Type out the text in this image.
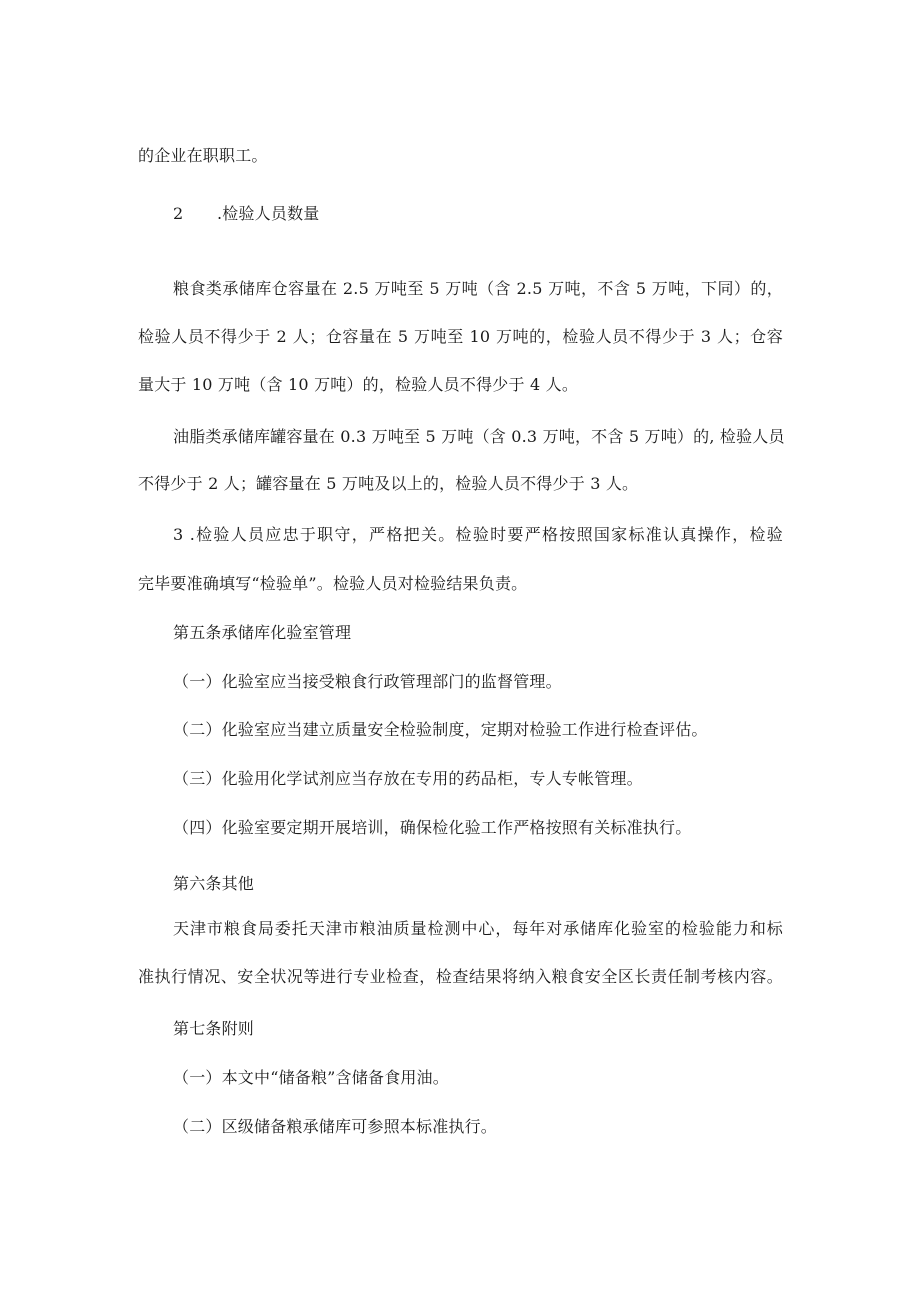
的企业在职职工。
2 .检验人员数量
粮食类承储库仓容量在 2.5 万吨至 5 万吨（含 2.5 万吨，不含 5 万吨，下同）的，
检验人员不得少于 2 人；仓容量在 5 万吨至 10 万吨的，检验人员不得少于 3 人；仓容
量大于 10 万吨（含 10 万吨）的，检验人员不得少于 4 人。
油脂类承储库罐容量在 0.3 万吨至 5 万吨（含 0.3 万吨，不含 5 万吨）的, 检验人员
不得少于 2 人；罐容量在 5 万吨及以上的，检验人员不得少于 3 人。
3 .检验人员应忠于职守，严格把关。检验时要严格按照国家标准认真操作，检验
完毕要准确填写“检验单”。检验人员对检验结果负责。
第五条承储库化验室管理
（一）化验室应当接受粮食行政管理部门的监督管理。
（二）化验室应当建立质量安全检验制度，定期对检验工作进行检查评估。
（三）化验用化学试剂应当存放在专用的药品柜，专人专帐管理。
（四）化验室要定期开展培训，确保检化验工作严格按照有关标准执行。
第六条其他
天津市粮食局委托天津市粮油质量检测中心，每年对承储库化验室的检验能力和标
准执行情况、安全状况等进行专业检查，检查结果将纳入粮食安全区长责任制考核内容。
第七条附则
（一）本文中“储备粮”含储备食用油。
（二）区级储备粮承储库可参照本标准执行。
